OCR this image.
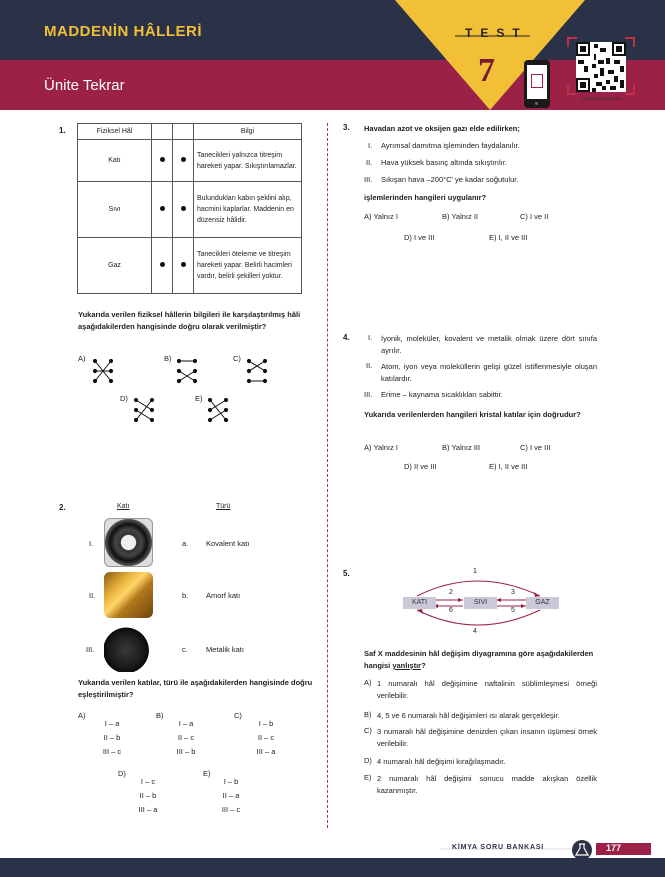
MADDENİN HÂLLERİ
Ünite Tekrar
TEST
7
LY09KMYSB22-046
1.	Fiziksel Hâl			Bilgi
Katı			Tanecikleri yalnızca titreşim hareketi yapar. Sıkıştırılamazlar.
Sıvı			Bulundukları kabın şeklini alıp, hacmini kaplarlar. Maddenin en düzensiz hâlidir.
Gaz			Tanecikleri öteleme ve titreşim hareketi yapar. Belirli hacimleri vardır, belirli şekilleri yoktur.
Yukarıda verilen fiziksel hâllerin bilgileri ile karşılaştırılmış hâli aşağıdakilerden hangisinde doğru olarak verilmiştir?
A)	B)	C)
D)	E)
2.	Katı	Türü
I.	a. Kovalent katı
II.	b. Amorf katı
III.	c. Metalik katı
Yukarıda verilen katılar, türü ile aşağıdakilerden hangisinde doğru eşleştirilmiştir?
A)
I – a
II – b
III – c
B)
I – a
II – c
III – b
C)
I – b
II – c
III – a
D)
I – c
II – b
III – a
E)
I – b
II – a
III – c
3. Havadan azot ve oksijen gazı elde edilirken;
I. Ayrımsal damıtma işleminden faydalanılır.
II. Hava yüksek basınç altında sıkıştırılır.
III. Sıkışan hava –200°C' ye kadar soğutulur.
işlemlerinden hangileri uygulanır?
A) Yalnız I	B) Yalnız II	C) I ve II
D) I ve III	E) I, II ve III
4. I. İyonik, moleküler, kovalent ve metalik olmak üzere dört sınıfa ayrılır.
II. Atom, iyon veya moleküllerin gelişi güzel istiflenmesiyle oluşan katılardır.
III. Erime – kaynama sıcaklıkları sabittir.
Yukarıda verilenlerden hangileri kristal katılar için doğrudur?
A) Yalnız I	B) Yalnız III	C) I ve III
D) II ve III	E) I, II ve III
5.
KATI	SIVI	GAZ
1
2	3
4
5
6
Saf X maddesinin hâl değişim diyagramına göre aşağıdakilerden hangisi yanlıştır?
A) 1 numaralı hâl değişimine naftalinin süblimleşmesi örneği verilebilir.
B) 4, 5 ve 6 numaralı hâl değişimleri ısı alarak gerçekleşir.
C) 3 numaralı hâl değişimine denizden çıkan insanın üşümesi örnek verilebilir.
D) 4 numaralı hâl değişimi kırağılaşmadır.
E) 2 numaralı hâl değişimi sonucu madde akışkan özellik kazanmıştır.
KİMYA SORU BANKASI	177
